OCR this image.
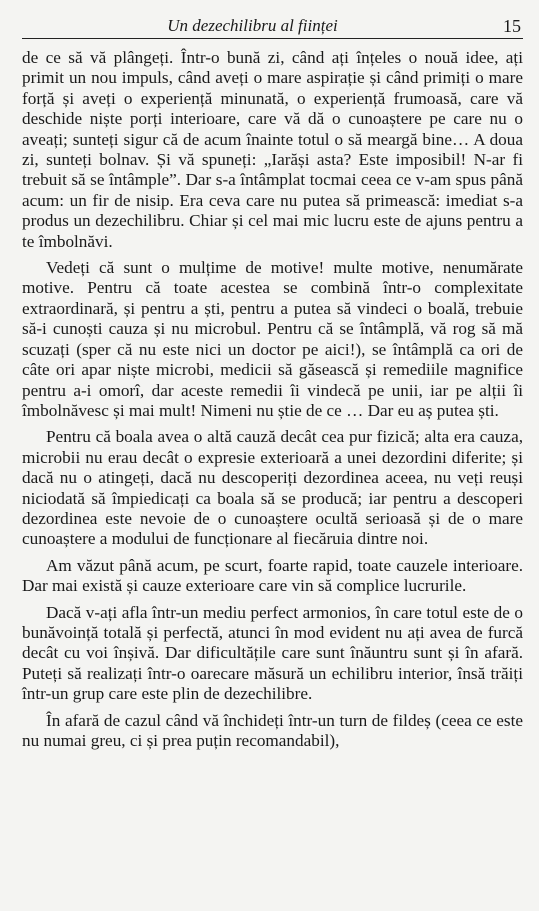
Un dezechilibru al ființei	15

de ce să vă plângeți. Într-o bună zi, când ați înțeles o nouă idee, ați primit un nou impuls, când aveți o mare aspirație și când primiți o mare forță și aveți o experiență minunată, o experiență frumoasă, care vă deschide niște porți interioare, care vă dă o cunoaștere pe care nu o aveați; sunteți sigur că de acum înainte totul o să meargă bine… A doua zi, sunteți bolnav. Și vă spuneți: „Iarăși asta? Este imposibil! N-ar fi trebuit să se întâmple”. Dar s-a întâmplat tocmai ceea ce v-am spus până acum: un fir de nisip. Era ceva care nu putea să primească: imediat s-a produs un dezechilibru. Chiar și cel mai mic lucru este de ajuns pentru a te îmbolnăvi.

Vedeți că sunt o mulțime de motive! multe motive, nenumărate motive. Pentru că toate acestea se combină într-o complexitate extraordinară, și pentru a ști, pentru a putea să vindeci o boală, trebuie să-i cunoști cauza și nu microbul. Pentru că se întâmplă, vă rog să mă scuzați (sper că nu este nici un doctor pe aici!), se întâmplă ca ori de câte ori apar niște microbi, medicii să găsească și remediile magnifice pentru a-i omorî, dar aceste remedii îi vindecă pe unii, iar pe alții îi îmbolnăvesc și mai mult! Nimeni nu știe de ce … Dar eu aș putea ști.

Pentru că boala avea o altă cauză decât cea pur fizică; alta era cauza, microbii nu erau decât o expresie exterioară a unei dezordini diferite; și dacă nu o atingeți, dacă nu descoperiți dezordinea aceea, nu veți reuși niciodată să împiedicați ca boala să se producă; iar pentru a descoperi dezordinea este nevoie de o cunoaștere ocultă serioasă și de o mare cunoaștere a modului de funcționare al fiecăruia dintre noi.

Am văzut până acum, pe scurt, foarte rapid, toate cauzele interioare. Dar mai există și cauze exterioare care vin să complice lucrurile.

Dacă v-ați afla într-un mediu perfect armonios, în care totul este de o bunăvoință totală și perfectă, atunci în mod evident nu ați avea de furcă decât cu voi înșivă. Dar dificultățile care sunt înăuntru sunt și în afară. Puteți să realizați într-o oarecare măsură un echilibru interior, însă trăiți într-un grup care este plin de dezechilibre.

În afară de cazul când vă închideți într-un turn de fildeș (ceea ce este nu numai greu, ci și prea puțin recomandabil),
